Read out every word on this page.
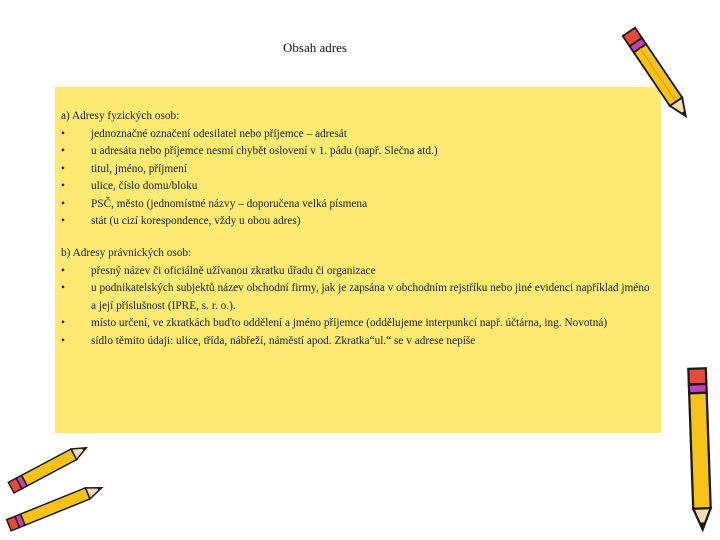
Obsah adres
a) Adresy fyzických osob:
• jednoznačné označení odesilatel nebo příjemce – adresát
• u adresáta nebo příjemce nesmí chybět oslovení v 1. pádu (např. Slečna atd.)
• titul, jméno, příjmení
• ulice, číslo domu/bloku
• PSČ, město (jednomístné názvy – doporučena velká písmena
• stát (u cizí korespondence, vždy u obou adres)
b) Adresy právnických osob:
• přesný název či oficiálně užívanou zkratku úřadu či organizace
• u podnikatelských subjektů název obchodní firmy, jak je zapsána v obchodním rejstříku nebo jiné evidenci například jméno a její příslušnost (IPRE, s. r. o.).
• místo určení, ve zkratkách buďto oddělení a jméno příjemce (oddělujeme interpunkcí např. účtárna, ing. Novotná)
• sídlo těmito údaji: ulice, třída, nábřeží, náměstí apod. Zkratka“ul.“ se v adrese nepíše
